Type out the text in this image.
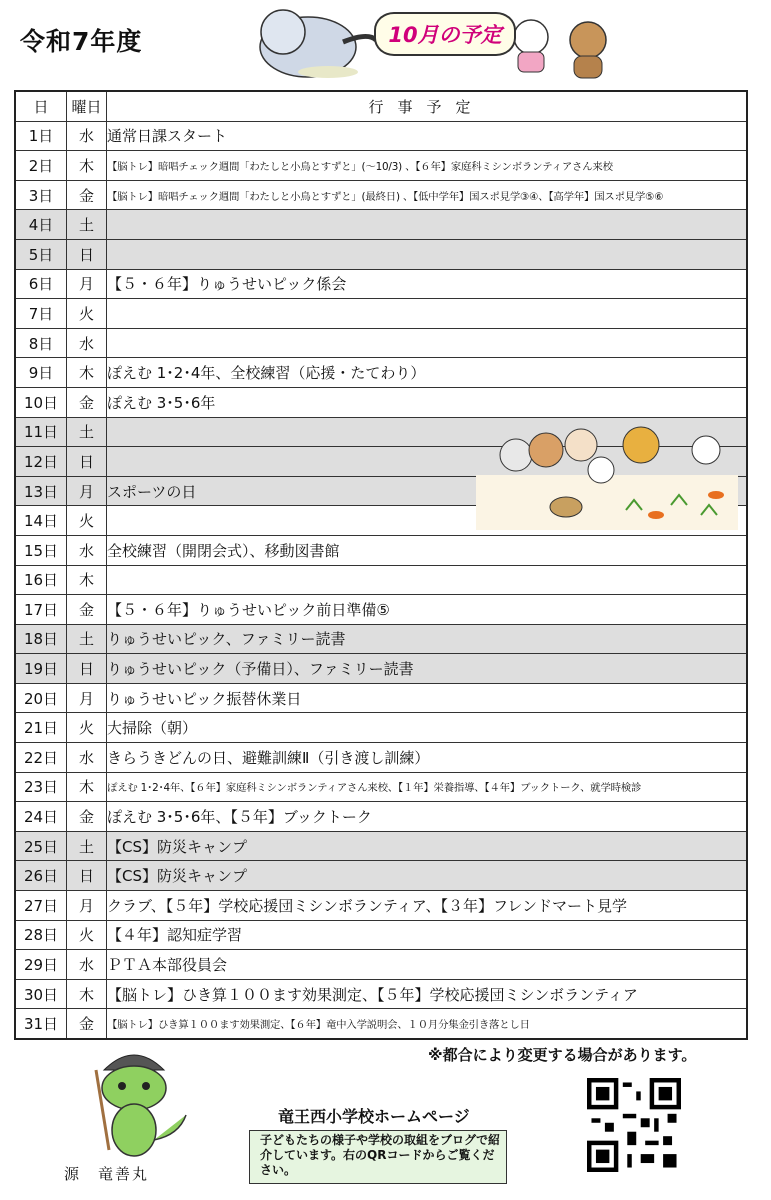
令和7年度	10月の予定
日	曜日	行事予定
1日	水	通常日課スタート
2日	木	【脳トレ】暗唱チェック週間「わたしと小鳥とすずと」(～10/3) 、【６年】家庭科ミシンボランティアさん来校
3日	金	【脳トレ】暗唱チェック週間「わたしと小鳥とすずと」(最終日) 、【低中学年】国スポ見学③④、【高学年】国スポ見学⑤⑥
4日	土	
5日	日	
6日	月	【５・６年】りゅうせいピック係会
7日	火	
8日	水	
9日	木	ぽえむ 1･2･4年、全校練習（応援・たてわり）
10日	金	ぽえむ 3･5･6年
11日	土	
12日	日	
13日	月	スポーツの日
14日	火	
15日	水	全校練習（開閉会式）、移動図書館
16日	木	
17日	金	【５・６年】りゅうせいピック前日準備⑤
18日	土	りゅうせいピック、ファミリー読書
19日	日	りゅうせいピック（予備日）、ファミリー読書
20日	月	りゅうせいピック振替休業日
21日	火	大掃除（朝）
22日	水	きらうきどんの日、避難訓練Ⅱ（引き渡し訓練）
23日	木	ぽえむ 1･2･4年、【６年】家庭科ミシンボランティアさん来校、【１年】栄養指導、【４年】ブックトーク、就学時検診
24日	金	ぽえむ 3･5･6年、【５年】ブックトーク
25日	土	【CS】防災キャンプ
26日	日	【CS】防災キャンプ
27日	月	クラブ、【５年】学校応援団ミシンボランティア、【３年】フレンドマート見学
28日	火	【４年】認知症学習
29日	水	ＰＴＡ本部役員会
30日	木	【脳トレ】ひき算１００ます効果測定、【５年】学校応援団ミシンボランティア
31日	金	【脳トレ】ひき算１００ます効果測定、【６年】竜中入学説明会、１０月分集金引き落とし日
※都合により変更する場合があります。
源　竜善丸
竜王西小学校ホームページ
子どもたちの様子や学校の取組をブログで紹介しています。右のQRコードからご覧ください。
